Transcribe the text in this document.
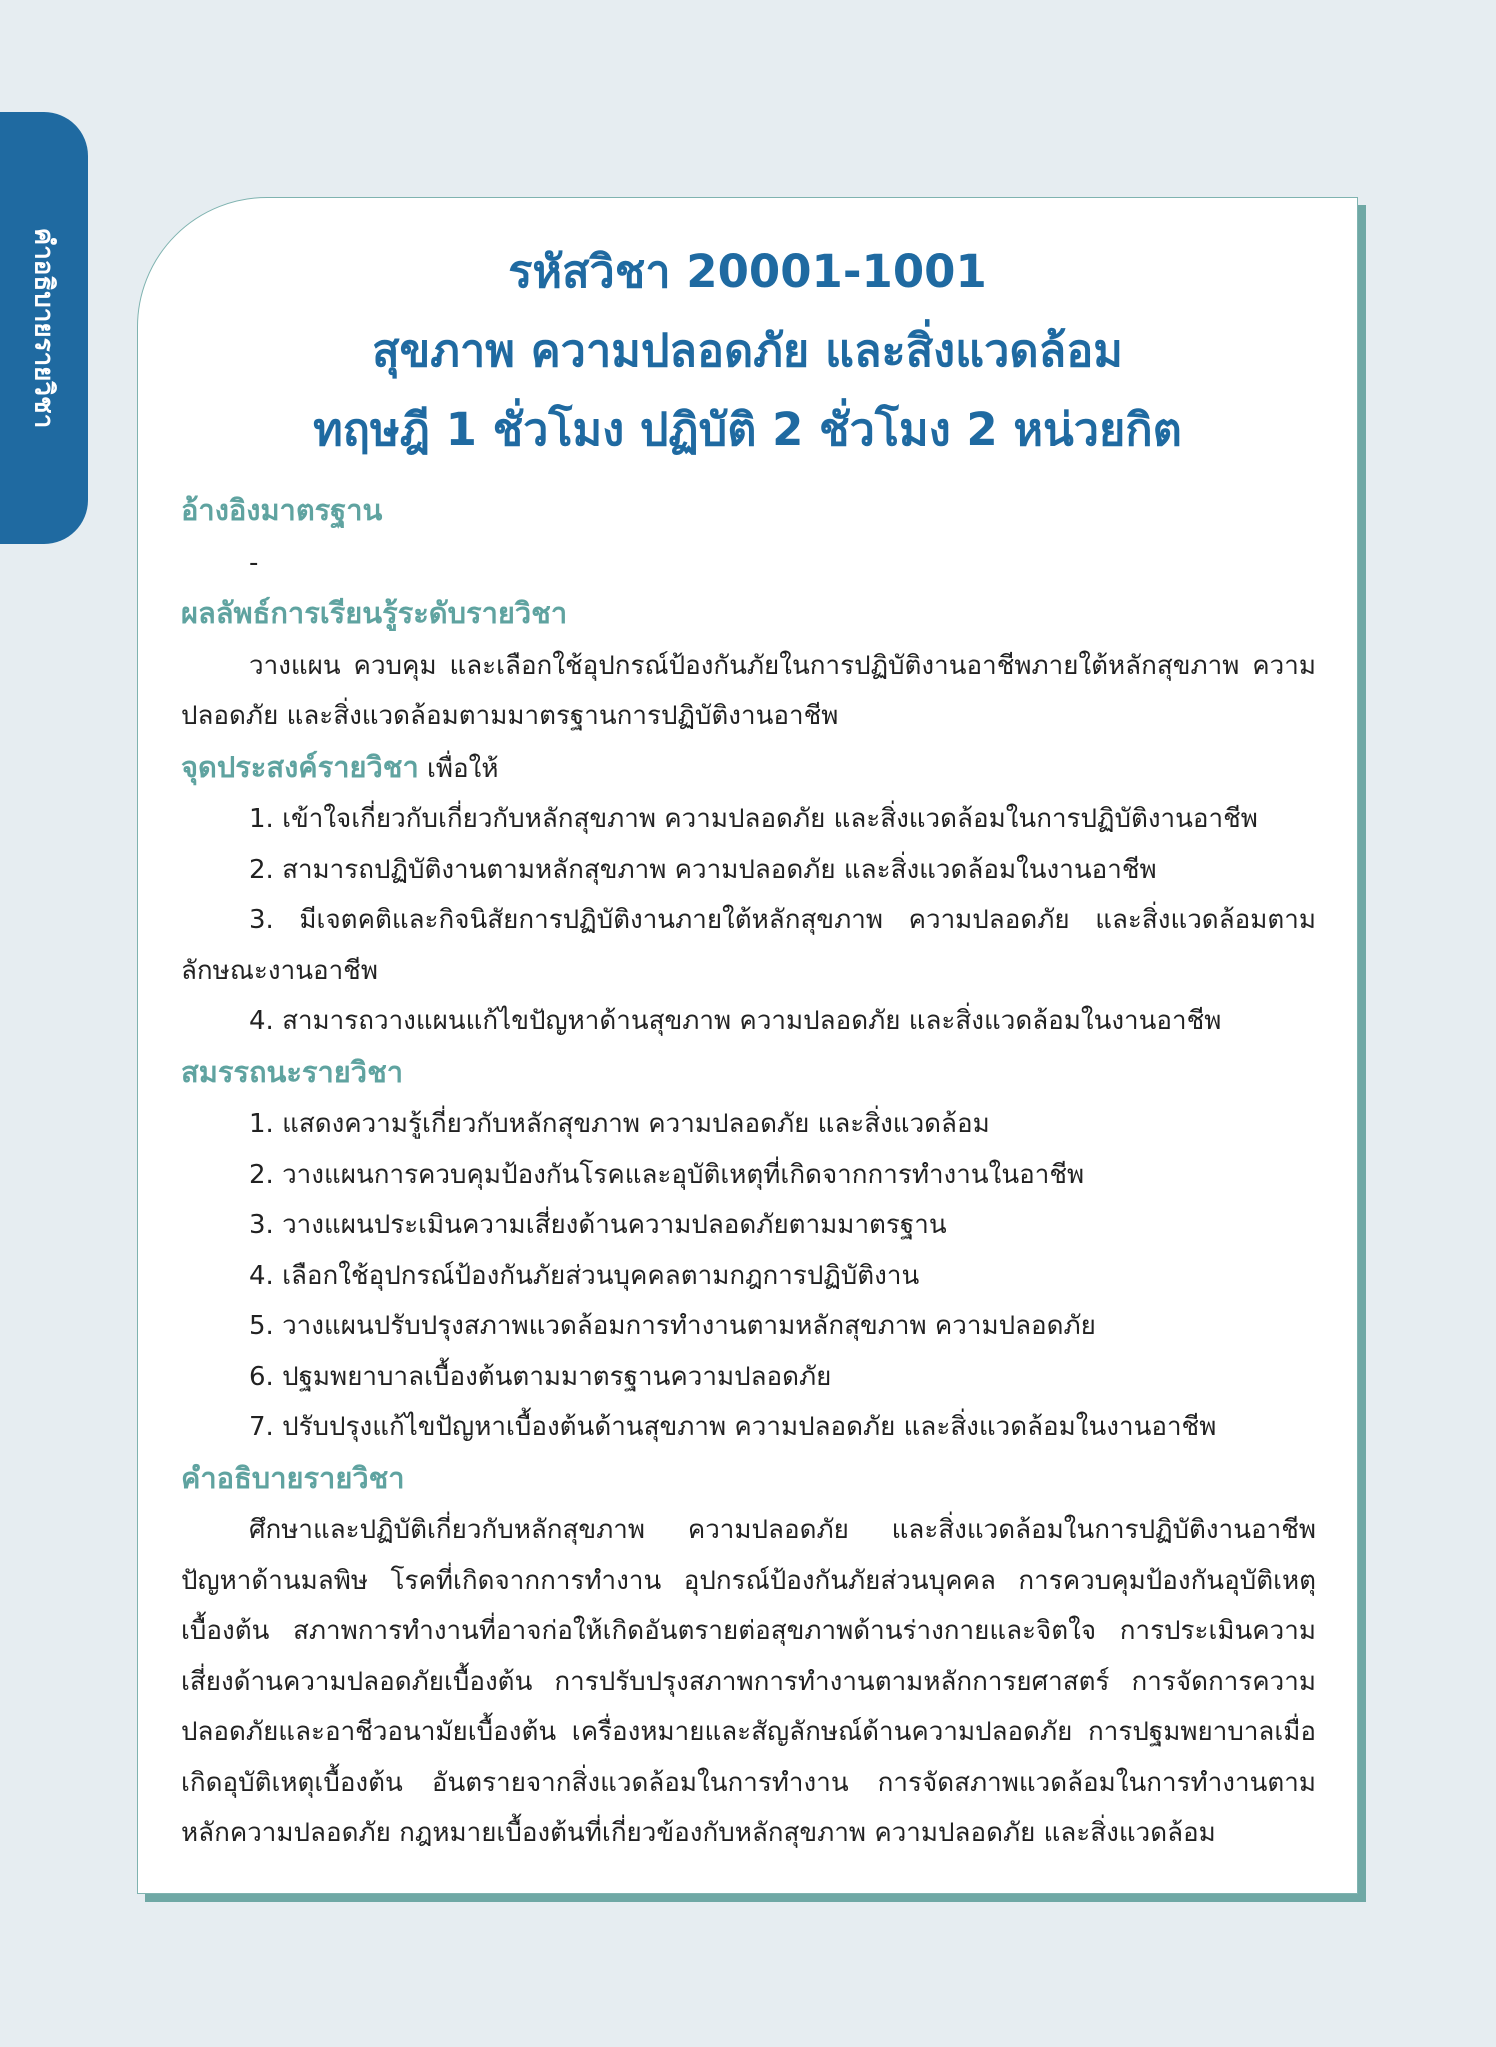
คำอธิบายรายวิชา	รหัสวิชา 20001-1001
สุขภาพ ความปลอดภัย และสิ่งแวดล้อม
ทฤษฎี 1 ชั่วโมง ปฏิบัติ 2 ชั่วโมง 2 หน่วยกิต
อ้างอิงมาตรฐาน
-
ผลลัพธ์การเรียนรู้ระดับรายวิชา
วางแผน ควบคุม และเลือกใช้อุปกรณ์ป้องกันภัยในการปฏิบัติงานอาชีพภายใต้หลักสุขภาพ ความปลอดภัย และสิ่งแวดล้อมตามมาตรฐานการปฏิบัติงานอาชีพ
จุดประสงค์รายวิชา เพื่อให้
1. เข้าใจเกี่ยวกับเกี่ยวกับหลักสุขภาพ ความปลอดภัย และสิ่งแวดล้อมในการปฏิบัติงานอาชีพ
2. สามารถปฏิบัติงานตามหลักสุขภาพ ความปลอดภัย และสิ่งแวดล้อมในงานอาชีพ
3. มีเจตคติและกิจนิสัยการปฏิบัติงานภายใต้หลักสุขภาพ ความปลอดภัย และสิ่งแวดล้อมตามลักษณะงานอาชีพ
4. สามารถวางแผนแก้ไขปัญหาด้านสุขภาพ ความปลอดภัย และสิ่งแวดล้อมในงานอาชีพ
สมรรถนะรายวิชา
1. แสดงความรู้เกี่ยวกับหลักสุขภาพ ความปลอดภัย และสิ่งแวดล้อม
2. วางแผนการควบคุมป้องกันโรคและอุบัติเหตุที่เกิดจากการทำงานในอาชีพ
3. วางแผนประเมินความเสี่ยงด้านความปลอดภัยตามมาตรฐาน
4. เลือกใช้อุปกรณ์ป้องกันภัยส่วนบุคคลตามกฎการปฏิบัติงาน
5. วางแผนปรับปรุงสภาพแวดล้อมการทำงานตามหลักสุขภาพ ความปลอดภัย
6. ปฐมพยาบาลเบื้องต้นตามมาตรฐานความปลอดภัย
7. ปรับปรุงแก้ไขปัญหาเบื้องต้นด้านสุขภาพ ความปลอดภัย และสิ่งแวดล้อมในงานอาชีพ
คำอธิบายรายวิชา
ศึกษาและปฏิบัติเกี่ยวกับหลักสุขภาพ ความปลอดภัย และสิ่งแวดล้อมในการปฏิบัติงานอาชีพ ปัญหาด้านมลพิษ โรคที่เกิดจากการทำงาน อุปกรณ์ป้องกันภัยส่วนบุคคล การควบคุมป้องกันอุบัติเหตุเบื้องต้น สภาพการทำงานที่อาจก่อให้เกิดอันตรายต่อสุขภาพด้านร่างกายและจิตใจ การประเมินความเสี่ยงด้านความปลอดภัยเบื้องต้น การปรับปรุงสภาพการทำงานตามหลักการยศาสตร์ การจัดการความปลอดภัยและอาชีวอนามัยเบื้องต้น เครื่องหมายและสัญลักษณ์ด้านความปลอดภัย การปฐมพยาบาลเมื่อเกิดอุบัติเหตุเบื้องต้น อันตรายจากสิ่งแวดล้อมในการทำงาน การจัดสภาพแวดล้อมในการทำงานตามหลักความปลอดภัย กฎหมายเบื้องต้นที่เกี่ยวข้องกับหลักสุขภาพ ความปลอดภัย และสิ่งแวดล้อม
